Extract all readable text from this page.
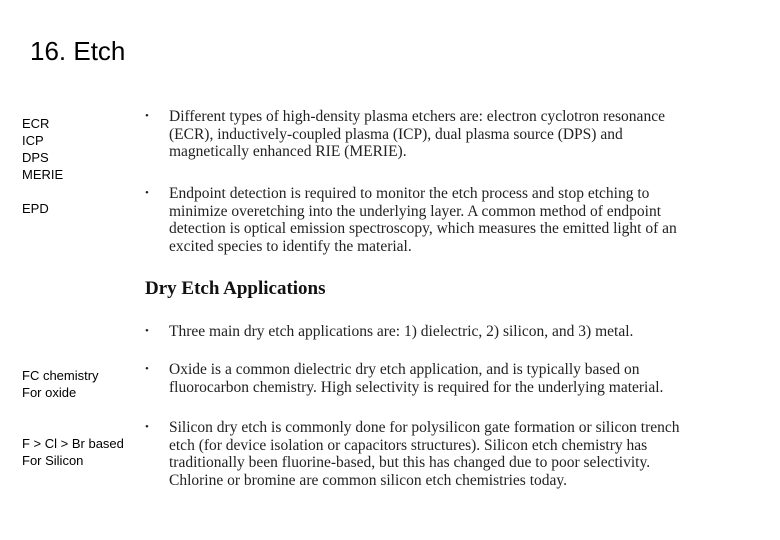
16. Etch
ECR
ICP
DPS
MERIE
EPD
FC chemistry
For oxide
F > Cl > Br based
For Silicon
• Different types of high-density plasma etchers are: electron cyclotron resonance
(ECR), inductively-coupled plasma (ICP), dual plasma source (DPS) and
magnetically enhanced RIE (MERIE).
• Endpoint detection is required to monitor the etch process and stop etching to
minimize overetching into the underlying layer. A common method of endpoint
detection is optical emission spectroscopy, which measures the emitted light of an
excited species to identify the material.
Dry Etch Applications
• Three main dry etch applications are: 1) dielectric, 2) silicon, and 3) metal.
• Oxide is a common dielectric dry etch application, and is typically based on
fluorocarbon chemistry. High selectivity is required for the underlying material.
• Silicon dry etch is commonly done for polysilicon gate formation or silicon trench
etch (for device isolation or capacitors structures). Silicon etch chemistry has
traditionally been fluorine-based, but this has changed due to poor selectivity.
Chlorine or bromine are common silicon etch chemistries today.
